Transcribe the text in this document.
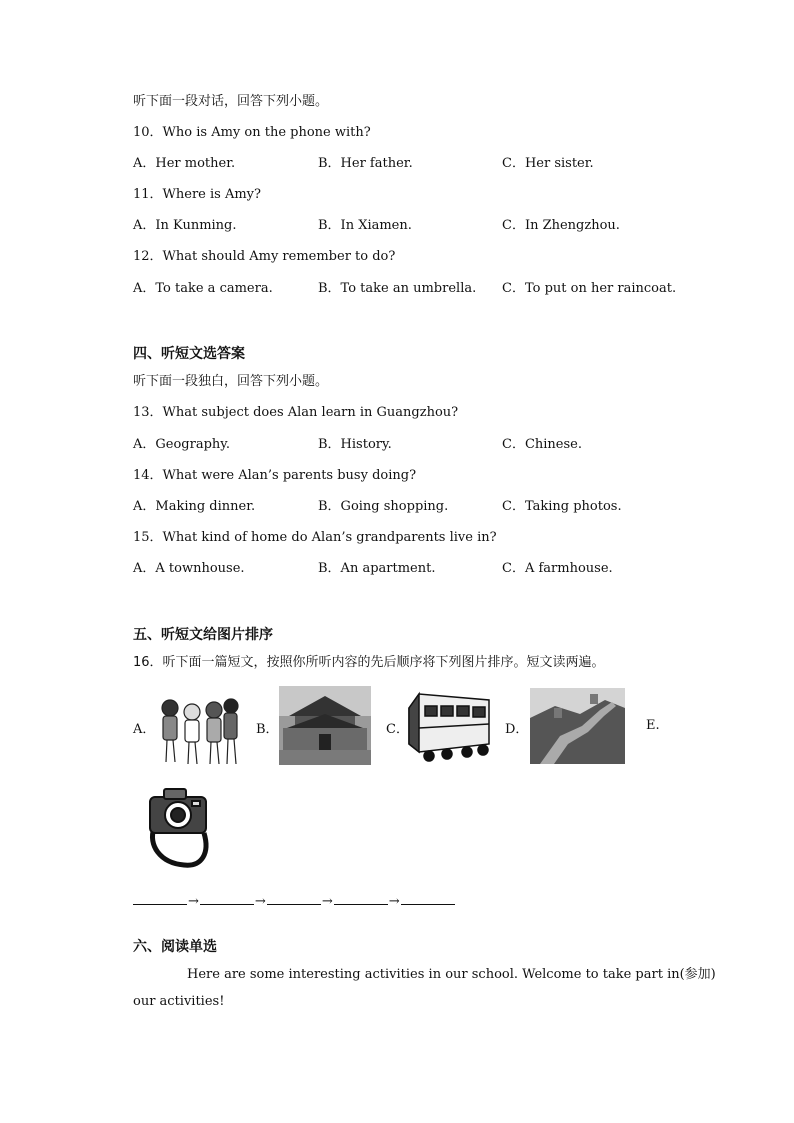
听下面一段对话，回答下列小题。
10．Who is Amy on the phone with?
A．Her mother.	B．Her father.	C．Her sister.
11．Where is Amy?
A．In Kunming.	B．In Xiamen.	C．In Zhengzhou.
12．What should Amy remember to do?
A．To take a camera.	B．To take an umbrella. C．To put on her raincoat.
四、听短文选答案
听下面一段独白，回答下列小题。
13．What subject does Alan learn in Guangzhou?
A．Geography.	B．History.	C．Chinese.
14．What were Alan’s parents busy doing?
A．Making dinner.	B．Going shopping.	C．Taking photos.
15．What kind of home do Alan’s grandparents live in?
A．A townhouse.	B．An apartment.	C．A farmhouse.
五、听短文给图片排序
16．听下面一篇短文，按照你所听内容的先后顺序将下列图片排序。短文读两遍。
A．	B．	C．	D．	E.
→	→	→	→
六、阅读单选
Here are some interesting activities in our school. Welcome to take part in(参加)
our activities!
